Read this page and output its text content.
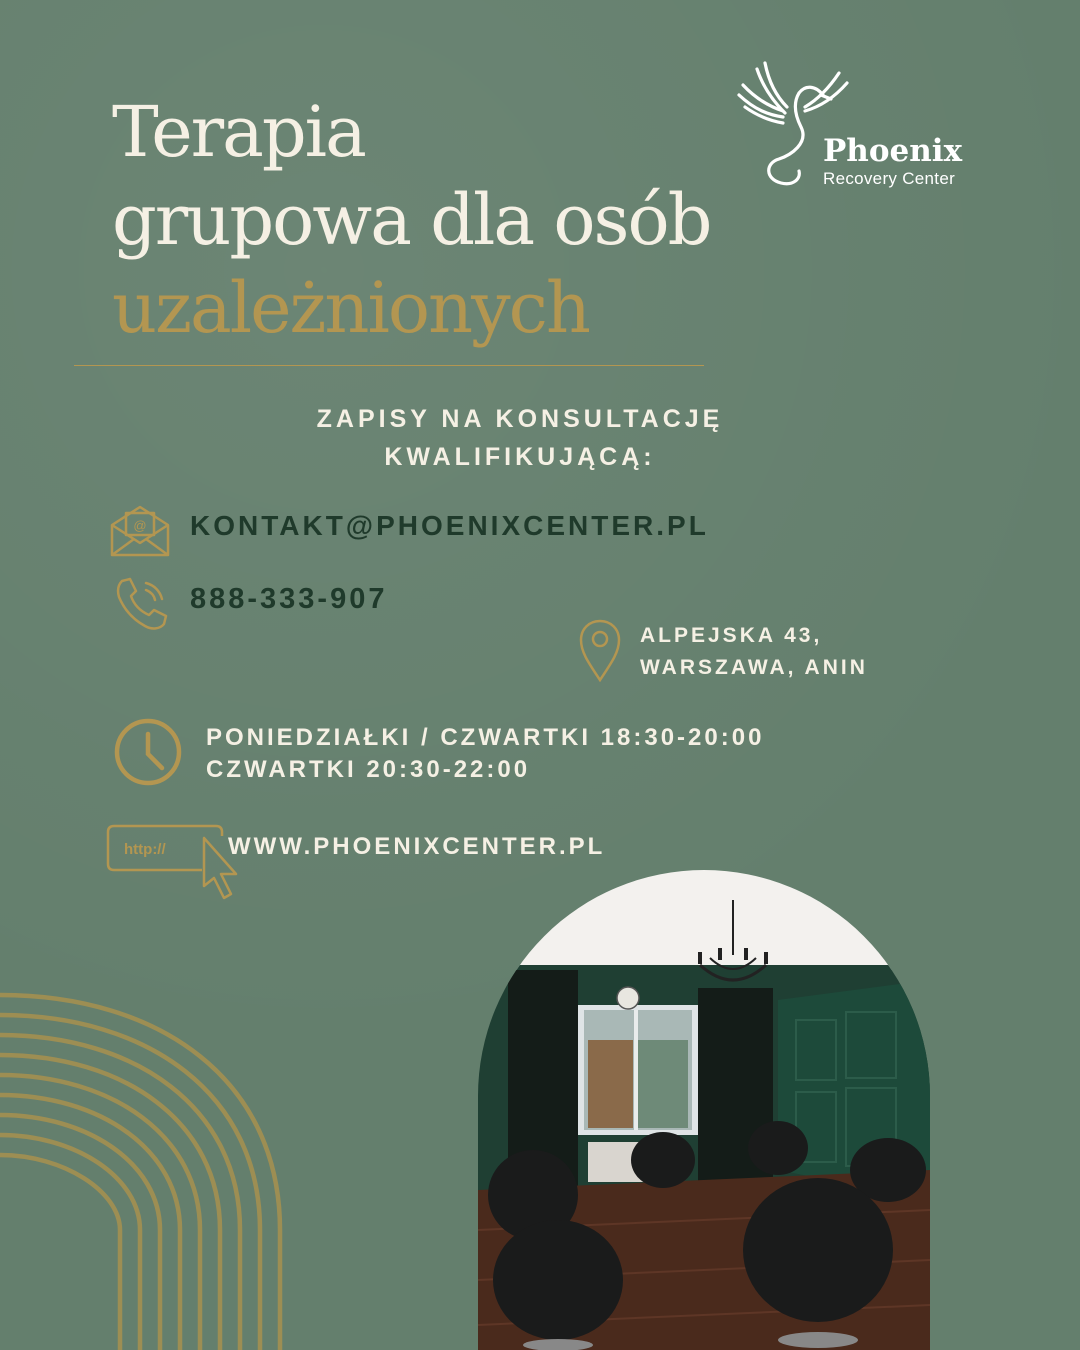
Terapia
grupowa dla osób
uzależnionych
Phoenix
Recovery Center
ZAPISY NA KONSULTACJĘ
KWALIFIKUJĄCĄ:
@ KONTAKT@PHOENIXCENTER.PL
888-333-907
ALPEJSKA 43,
WARSZAWA, ANIN
PONIEDZIAŁKI / CZWARTKI 18:30-20:00
CZWARTKI 20:30-22:00
http://	WWW.PHOENIXCENTER.PL
